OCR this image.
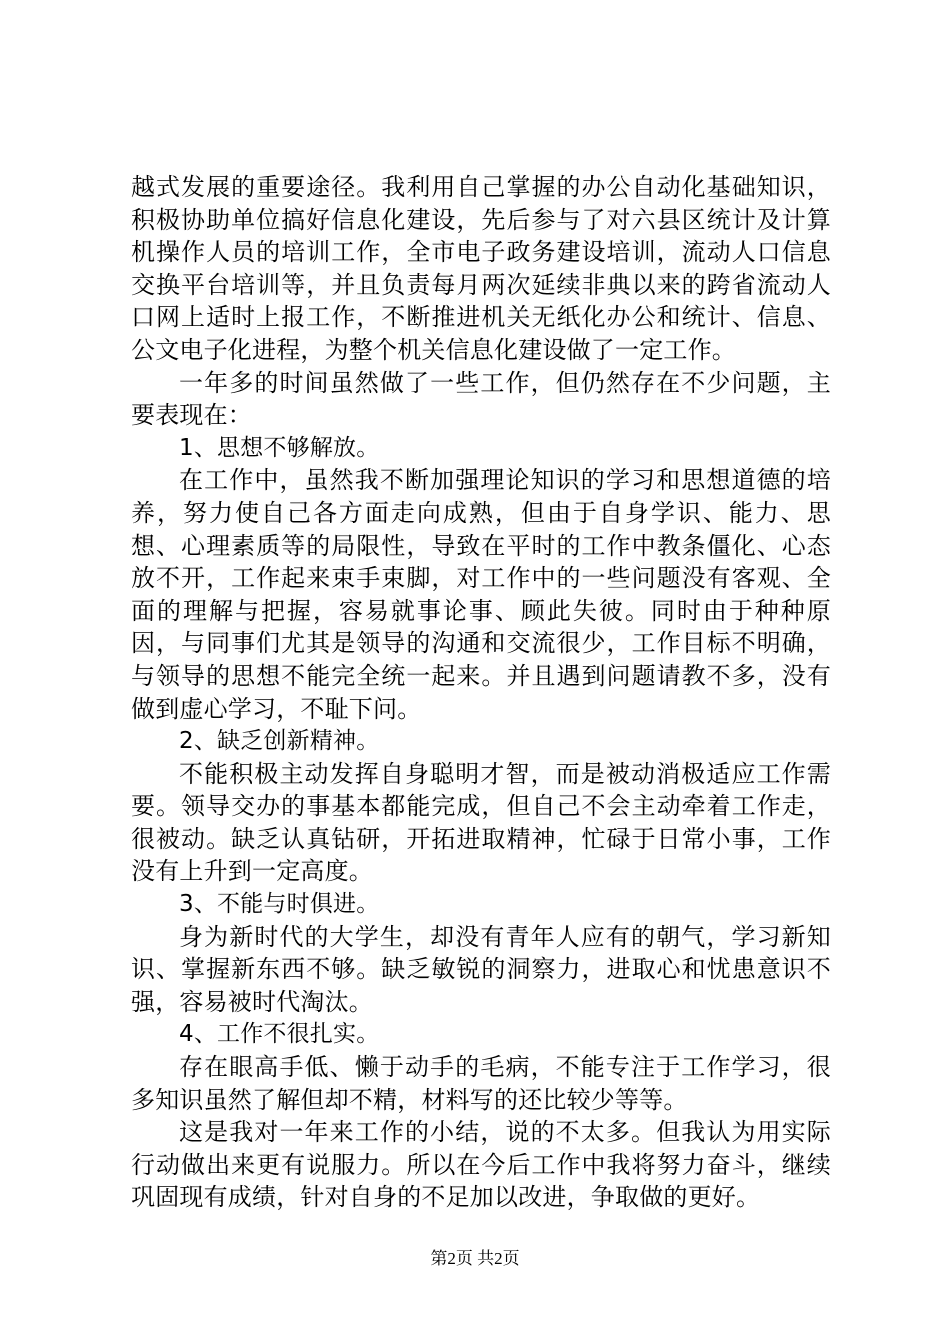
越式发展的重要途径。我利用自己掌握的办公自动化基础知识，积极协助单位搞好信息化建设，先后参与了对六县区统计及计算机操作人员的培训工作，全市电子政务建设培训，流动人口信息交换平台培训等，并且负责每月两次延续非典以来的跨省流动人口网上适时上报工作，不断推进机关无纸化办公和统计、信息、公文电子化进程，为整个机关信息化建设做了一定工作。

一年多的时间虽然做了一些工作，但仍然存在不少问题，主要表现在：

1、思想不够解放。

在工作中，虽然我不断加强理论知识的学习和思想道德的培养，努力使自己各方面走向成熟，但由于自身学识、能力、思想、心理素质等的局限性，导致在平时的工作中教条僵化、心态放不开，工作起来束手束脚，对工作中的一些问题没有客观、全面的理解与把握，容易就事论事、顾此失彼。同时由于种种原因，与同事们尤其是领导的沟通和交流很少，工作目标不明确，与领导的思想不能完全统一起来。并且遇到问题请教不多，没有做到虚心学习，不耻下问。

2、缺乏创新精神。

不能积极主动发挥自身聪明才智，而是被动消极适应工作需要。领导交办的事基本都能完成，但自己不会主动牵着工作走，很被动。缺乏认真钻研，开拓进取精神，忙碌于日常小事，工作没有上升到一定高度。

3、不能与时俱进。

身为新时代的大学生，却没有青年人应有的朝气，学习新知识、掌握新东西不够。缺乏敏锐的洞察力，进取心和忧患意识不强，容易被时代淘汰。

4、工作不很扎实。

存在眼高手低、懒于动手的毛病，不能专注于工作学习，很多知识虽然了解但却不精，材料写的还比较少等等。

这是我对一年来工作的小结，说的不太多。但我认为用实际行动做出来更有说服力。所以在今后工作中我将努力奋斗，继续巩固现有成绩，针对自身的不足加以改进，争取做的更好。

第2页 共2页
